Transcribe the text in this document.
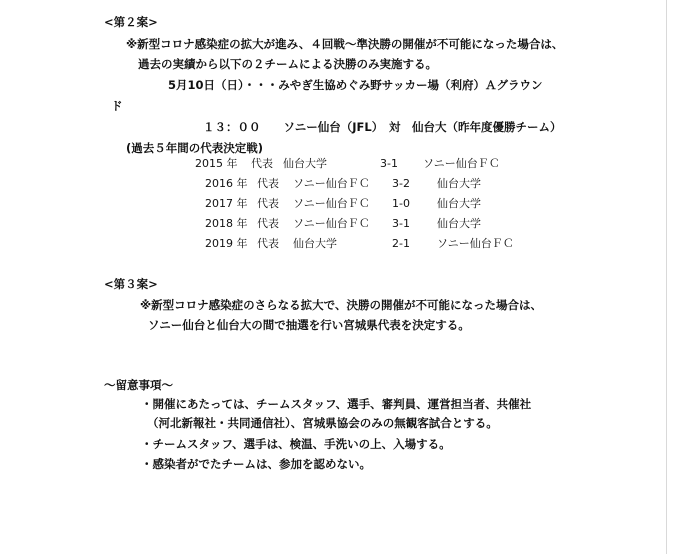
<第２案>
※新型コロナ感染症の拡大が進み、４回戦～準決勝の開催が不可能になった場合は、
過去の実績から以下の２チームによる決勝のみ実施する。
5月10日（日）・・・みやぎ生協めぐみ野サッカー場（利府）Ａグラウン
ド
１３：００　　ソニー仙台（JFL）　対　仙台大（昨年度優勝チーム）
(過去５年間の代表決定戦)
2015 年 代表 仙台大学	3-1 ソニー仙台ＦＣ
2016 年 代表 ソニー仙台ＦＣ 3-2 仙台大学
2017 年 代表 ソニー仙台ＦＣ 1-0 仙台大学
2018 年 代表 ソニー仙台ＦＣ 3-1 仙台大学
2019 年 代表 仙台大学	2-1 ソニー仙台ＦＣ
<第３案>
※新型コロナ感染症のさらなる拡大で、決勝の開催が不可能になった場合は、
ソニー仙台と仙台大の間で抽選を行い宮城県代表を決定する。
～留意事項～
・開催にあたっては、チームスタッフ、選手、審判員、運営担当者、共催社
（河北新報社・共同通信社）、宮城県協会のみの無観客試合とする。
・チームスタッフ、選手は、検温、手洗いの上、入場する。
・感染者がでたチームは、参加を認めない。
